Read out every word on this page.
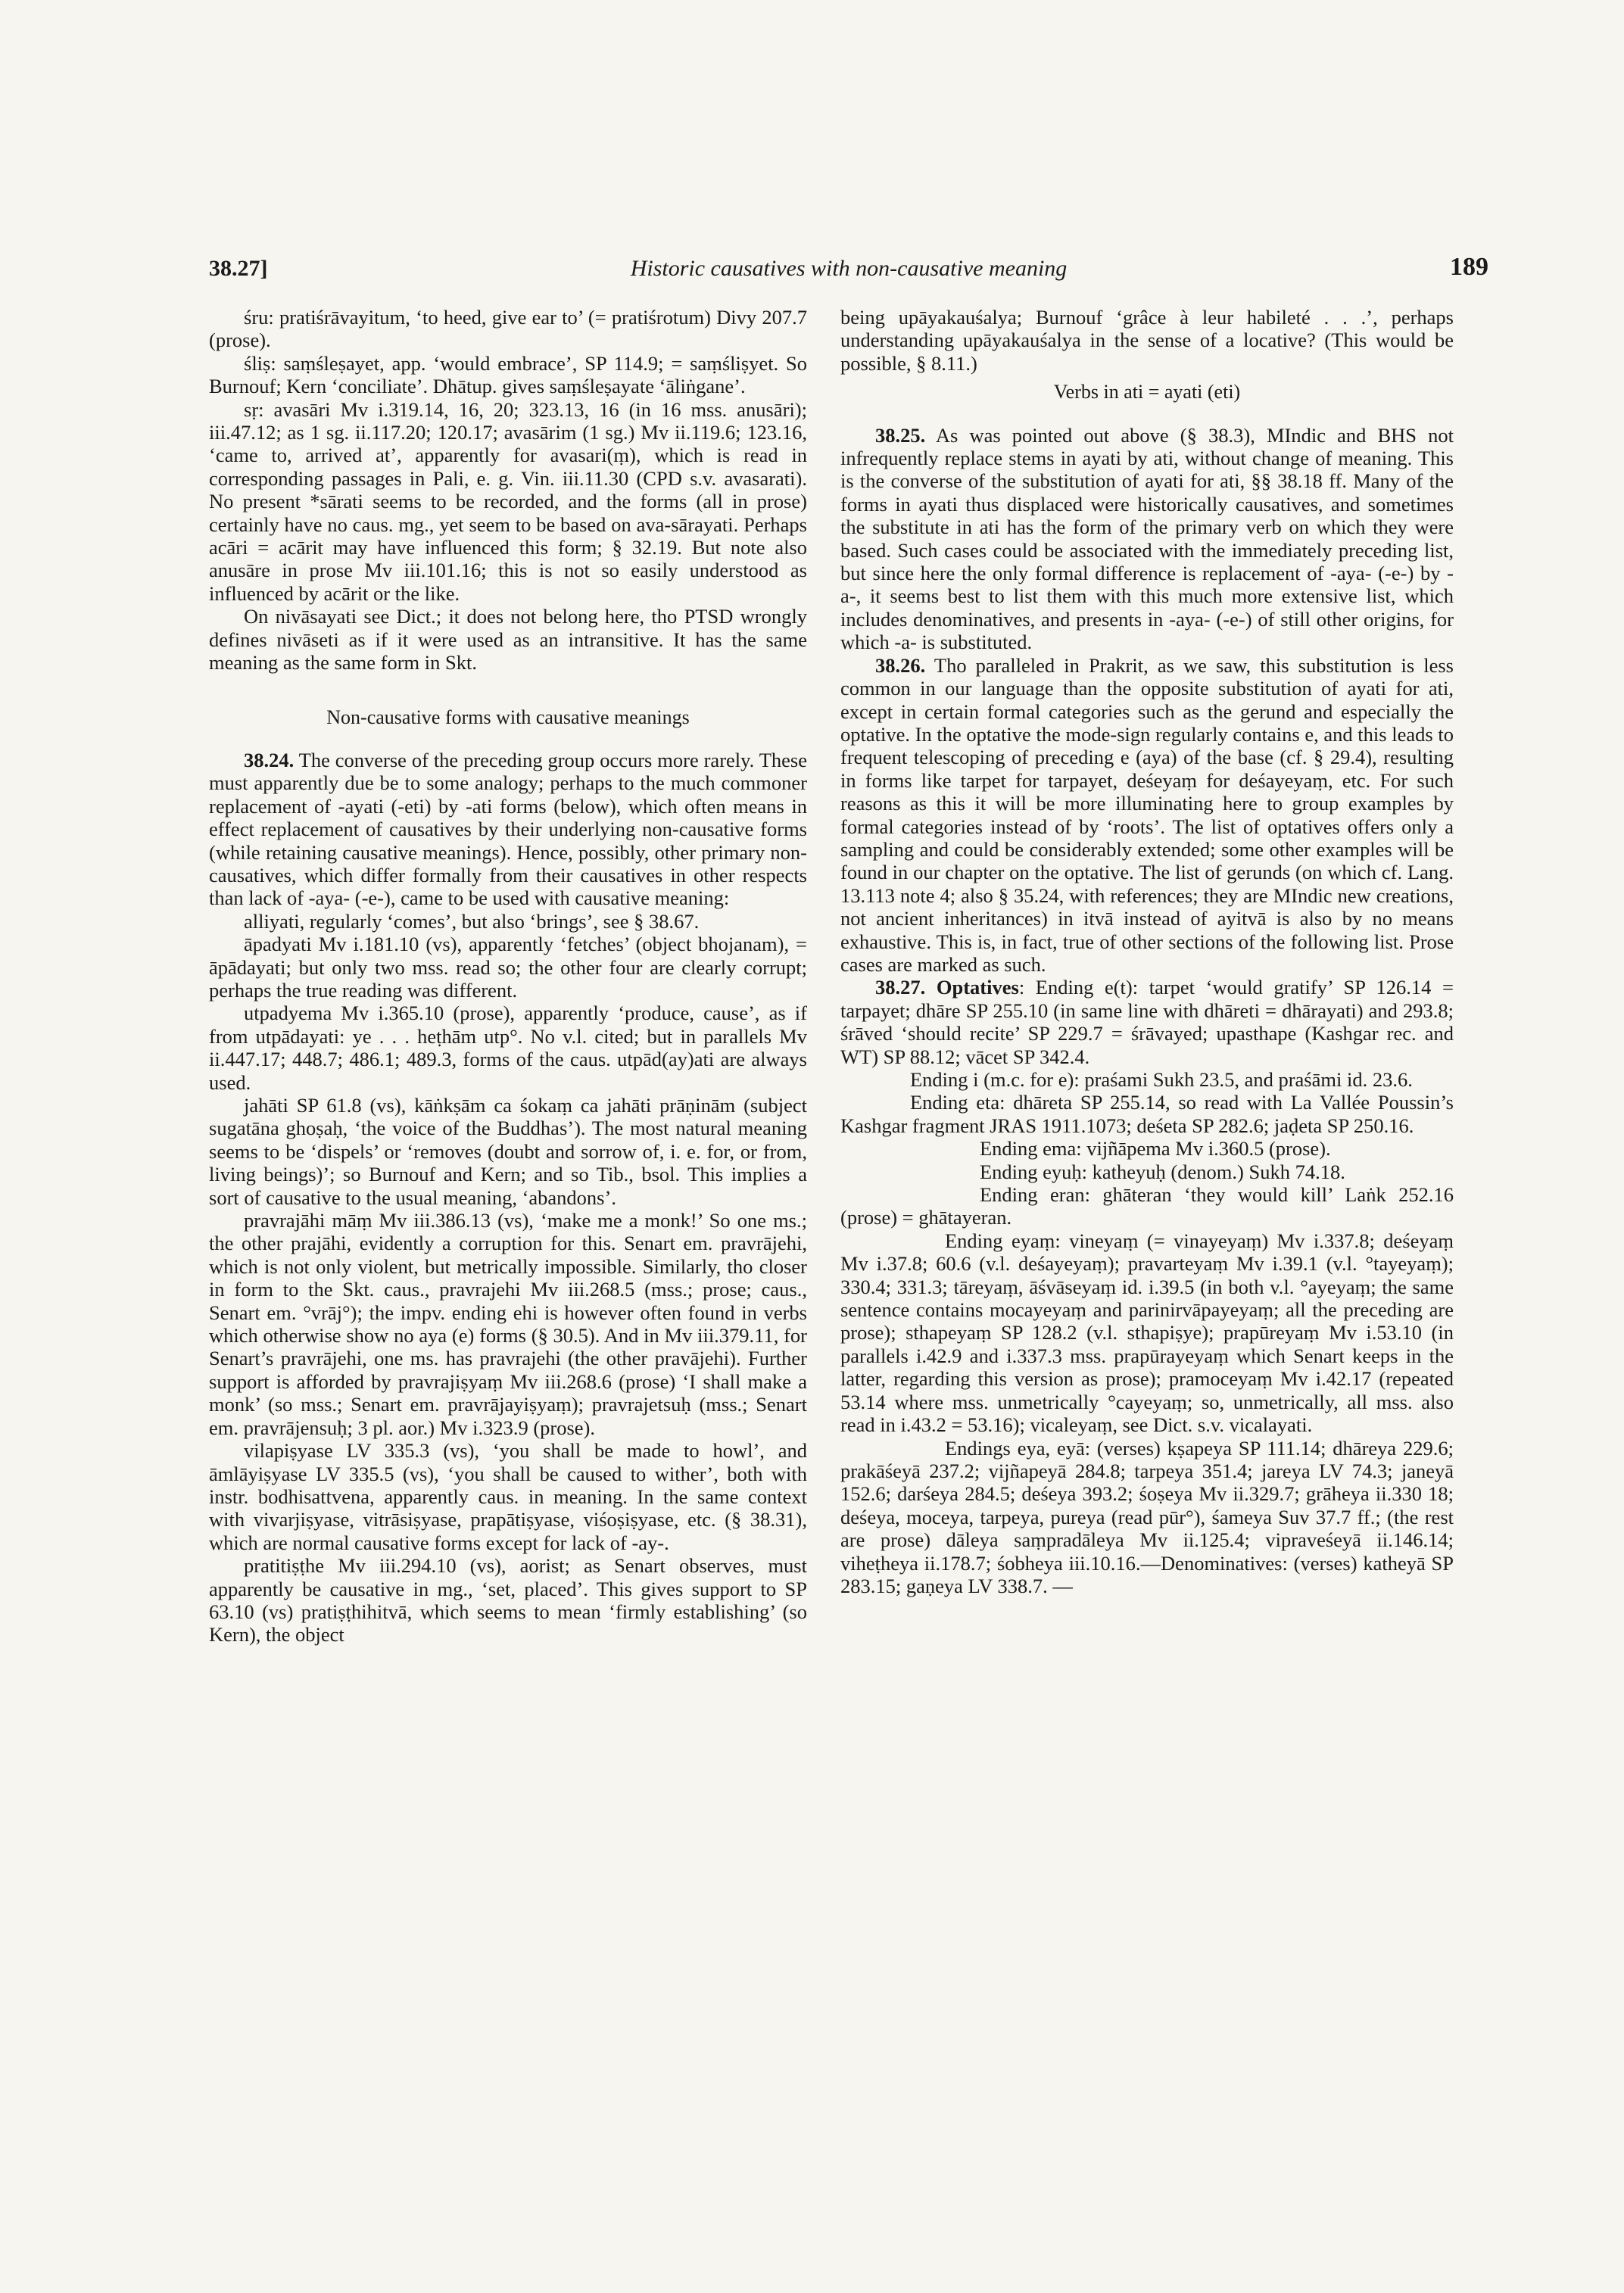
38.27]	Historic causatives with non-causative meaning	189

śru: pratiśrāvayitum, ‘to heed, give ear to’ (= pratiśrotum) Divy 207.7 (prose).

śliṣ: saṃśleṣayet, app. ‘would embrace’, SP 114.9; = saṃśliṣyet. So Burnouf; Kern ‘conciliate’. Dhātup. gives saṃśleṣayate ‘āliṅgane’.

sṛ: avasāri Mv i.319.14, 16, 20; 323.13, 16 (in 16 mss. anusāri); iii.47.12; as 1 sg. ii.117.20; 120.17; avasārim (1 sg.) Mv ii.119.6; 123.16, ‘came to, arrived at’, apparently for avasari(ṃ), which is read in corresponding passages in Pali, e. g. Vin. iii.11.30 (CPD s.v. avasarati). No present *sārati seems to be recorded, and the forms (all in prose) certainly have no caus. mg., yet seem to be based on ava-sārayati. Perhaps acāri = acārit may have influenced this form; § 32.19. But note also anusāre in prose Mv iii.101.16; this is not so easily understood as influenced by acārit or the like.

On nivāsayati see Dict.; it does not belong here, tho PTSD wrongly defines nivāseti as if it were used as an intransitive. It has the same meaning as the same form in Skt.

Non-causative forms with causative meanings

38.24. The converse of the preceding group occurs more rarely. These must apparently due be to some analogy; perhaps to the much commoner replacement of -ayati (-eti) by -ati forms (below), which often means in effect replacement of causatives by their underlying non-causative forms (while retaining causative meanings). Hence, possibly, other primary non-causatives, which differ formally from their causatives in other respects than lack of -aya- (-e-), came to be used with causative meaning:

alliyati, regularly ‘comes’, but also ‘brings’, see § 38.67.

āpadyati Mv i.181.10 (vs), apparently ‘fetches’ (object bhojanam), = āpādayati; but only two mss. read so; the other four are clearly corrupt; perhaps the true reading was different.

utpadyema Mv i.365.10 (prose), apparently ‘produce, cause’, as if from utpādayati: ye . . . heṭhām utp°. No v.l. cited; but in parallels Mv ii.447.17; 448.7; 486.1; 489.3, forms of the caus. utpād(ay)ati are always used.

jahāti SP 61.8 (vs), kāṅkṣām ca śokaṃ ca jahāti prāṇinām (subject sugatāna ghoṣaḥ, ‘the voice of the Buddhas’). The most natural meaning seems to be ‘dispels’ or ‘removes (doubt and sorrow of, i. e. for, or from, living beings)’; so Burnouf and Kern; and so Tib., bsol. This implies a sort of causative to the usual meaning, ‘abandons’.

pravrajāhi māṃ Mv iii.386.13 (vs), ‘make me a monk!’ So one ms.; the other prajāhi, evidently a corruption for this. Senart em. pravrājehi, which is not only violent, but metrically impossible. Similarly, tho closer in form to the Skt. caus., pravrajehi Mv iii.268.5 (mss.; prose; caus., Senart em. °vrāj°); the impv. ending ehi is however often found in verbs which otherwise show no aya (e) forms (§ 30.5). And in Mv iii.379.11, for Senart’s pravrājehi, one ms. has pravrajehi (the other pravājehi). Further support is afforded by pravrajiṣyaṃ Mv iii.268.6 (prose) ‘I shall make a monk’ (so mss.; Senart em. pravrājayiṣyaṃ); pravrajetsuḥ (mss.; Senart em. pravrājensuḥ; 3 pl. aor.) Mv i.323.9 (prose).

vilapiṣyase LV 335.3 (vs), ‘you shall be made to howl’, and āmlāyiṣyase LV 335.5 (vs), ‘you shall be caused to wither’, both with instr. bodhisattvena, apparently caus. in meaning. In the same context with vivarjiṣyase, vitrāsiṣyase, prapātiṣyase, viśoṣiṣyase, etc. (§ 38.31), which are normal causative forms except for lack of -ay-.

pratitiṣṭhe Mv iii.294.10 (vs), aorist; as Senart observes, must apparently be causative in mg., ‘set, placed’. This gives support to SP 63.10 (vs) pratiṣṭhihitvā, which seems to mean ‘firmly establishing’ (so Kern), the object

being upāyakauśalya; Burnouf ‘grâce à leur habileté . . .’, perhaps understanding upāyakauśalya in the sense of a locative? (This would be possible, § 8.11.)

Verbs in ati = ayati (eti)

38.25. As was pointed out above (§ 38.3), MIndic and BHS not infrequently replace stems in ayati by ati, without change of meaning. This is the converse of the substitution of ayati for ati, §§ 38.18 ff. Many of the forms in ayati thus displaced were historically causatives, and sometimes the substitute in ati has the form of the primary verb on which they were based. Such cases could be associated with the immediately preceding list, but since here the only formal difference is replacement of -aya- (-e-) by -a-, it seems best to list them with this much more extensive list, which includes denominatives, and presents in -aya- (-e-) of still other origins, for which -a- is substituted.

38.26. Tho paralleled in Prakrit, as we saw, this substitution is less common in our language than the opposite substitution of ayati for ati, except in certain formal categories such as the gerund and especially the optative. In the optative the mode-sign regularly contains e, and this leads to frequent telescoping of preceding e (aya) of the base (cf. § 29.4), resulting in forms like tarpet for tarpayet, deśeyaṃ for deśayeyaṃ, etc. For such reasons as this it will be more illuminating here to group examples by formal categories instead of by ‘roots’. The list of optatives offers only a sampling and could be considerably extended; some other examples will be found in our chapter on the optative. The list of gerunds (on which cf. Lang. 13.113 note 4; also § 35.24, with references; they are MIndic new creations, not ancient inheritances) in itvā instead of ayitvā is also by no means exhaustive. This is, in fact, true of other sections of the following list. Prose cases are marked as such.

38.27. Optatives: Ending e(t): tarpet ‘would gratify’ SP 126.14 = tarpayet; dhāre SP 255.10 (in same line with dhāreti = dhārayati) and 293.8; śrāved ‘should recite’ SP 229.7 = śrāvayed; upasthape (Kashgar rec. and WT) SP 88.12; vācet SP 342.4.

Ending i (m.c. for e): praśami Sukh 23.5, and praśāmi id. 23.6.

Ending eta: dhāreta SP 255.14, so read with La Vallée Poussin’s Kashgar fragment JRAS 1911.1073; deśeta SP 282.6; jaḍeta SP 250.16.

Ending ema: vijñāpema Mv i.360.5 (prose).

Ending eyuḥ: katheyuḥ (denom.) Sukh 74.18.

Ending eran: ghāteran ‘they would kill’ Laṅk 252.16 (prose) = ghātayeran.

Ending eyaṃ: vineyaṃ (= vinayeyaṃ) Mv i.337.8; deśeyaṃ Mv i.37.8; 60.6 (v.l. deśayeyaṃ); pravarteyaṃ Mv i.39.1 (v.l. °tayeyaṃ); 330.4; 331.3; tāreyaṃ, āśvāseyaṃ id. i.39.5 (in both v.l. °ayeyaṃ; the same sentence contains mocayeyaṃ and parinirvāpayeyaṃ; all the preceding are prose); sthapeyaṃ SP 128.2 (v.l. sthapiṣye); prapūreyaṃ Mv i.53.10 (in parallels i.42.9 and i.337.3 mss. prapūrayeyaṃ which Senart keeps in the latter, regarding this version as prose); pramoceyaṃ Mv i.42.17 (repeated 53.14 where mss. unmetrically °cayeyaṃ; so, unmetrically, all mss. also read in i.43.2 = 53.16); vicaleyaṃ, see Dict. s.v. vicalayati.

Endings eya, eyā: (verses) kṣapeya SP 111.14; dhāreya 229.6; prakāśeyā 237.2; vijñapeyā 284.8; tarpeya 351.4; jareya LV 74.3; janeyā 152.6; darśeya 284.5; deśeya 393.2; śoṣeya Mv ii.329.7; grāheya ii.330 18; deśeya, moceya, tarpeya, pureya (read pūr°), śameya Suv 37.7 ff.; (the rest are prose) dāleya saṃpradāleya Mv ii.125.4; vipraveśeyā ii.146.14; viheṭheya ii.178.7; śobheya iii.10.16.—Denominatives: (verses) katheyā SP 283.15; gaṇeya LV 338.7. —
